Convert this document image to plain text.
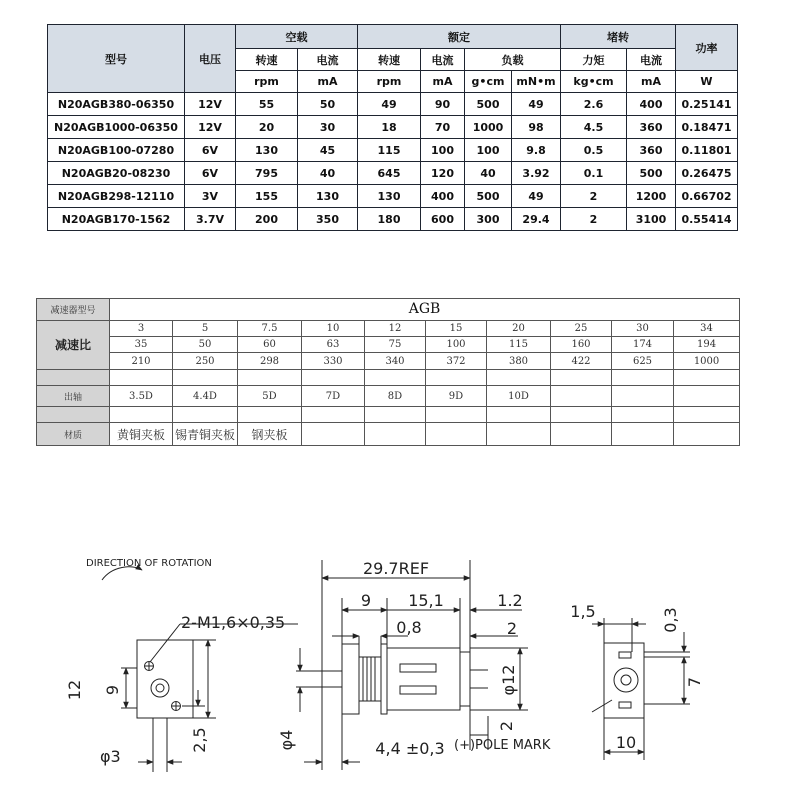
型号	电压	空载		额定				堵转		功率
		转速	电流	转速	电流	负载		力矩	电流	
		rpm	mA	rpm	mA	g•cm	mN•m	kg•cm	mA	W
N20AGB380-06350	12V	55	50	49	90	500	49	2.6	400	0.25141
N20AGB1000-06350	12V	20	30	18	70	1000	98	4.5	360	0.18471
N20AGB100-07280	6V	130	45	115	100	100	9.8	0.5	360	0.11801
N20AGB20-08230	6V	795	40	645	120	40	3.92	0.1	500	0.26475
N20AGB298-12110	3V	155	130	130	400	500	49	2	1200	0.66702
N20AGB170-1562	3.7V	200	350	180	600	300	29.4	2	3100	0.55414
减速器型号	AGB									
减速比	3	5	7.5	10	12	15	20	25	30	34
	35	50	60	63	75	100	115	160	174	194
	210	250	298	330	340	372	380	422	625	1000

出轴	3.5D	4.4D	5D	7D	8D	9D	10D			

材质	黄铜夹板	锡青铜夹板	钢夹板							
DIRECTION OF ROTATION
2-M1,6×0,35
12 9
2,5
φ3
29.7REF
9 15,1	1.2
0,8	2
φ12
2
φ4	4,4 ±0,3 (+)POLE MARK
1,5	0,3
7
10
